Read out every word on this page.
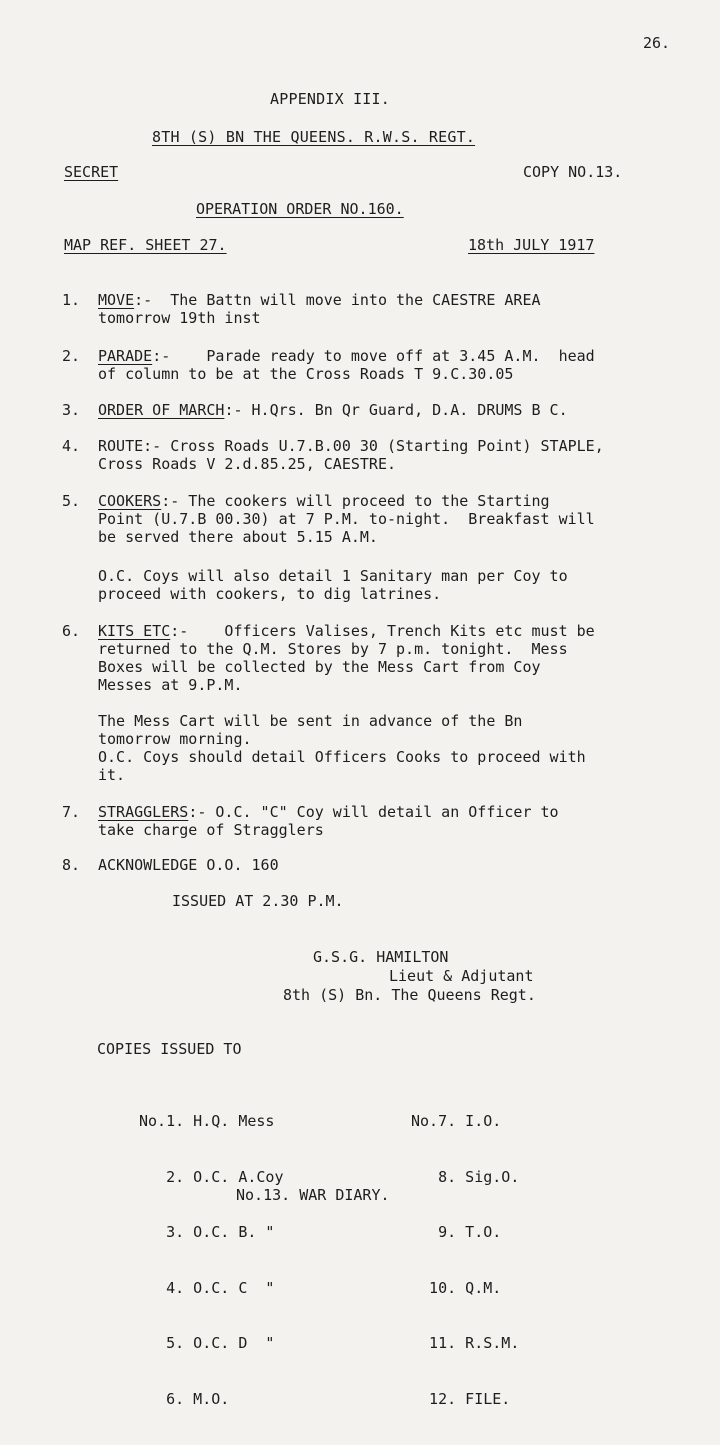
26.
APPENDIX III.
8TH (S) BN THE QUEENS. R.W.S. REGT.
SECRET	COPY NO.13.
OPERATION ORDER NO.160.
MAP REF. SHEET 27.	18th JULY 1917
1. MOVE:-  The Battn will move into the CAESTRE AREA
tomorrow 19th inst
2. PARADE:-    Parade ready to move off at 3.45 A.M.  head
of column to be at the Cross Roads T 9.C.30.05
3. ORDER OF MARCH:- H.Qrs. Bn Qr Guard, D.A. DRUMS B C.
4. ROUTE:- Cross Roads U.7.B.00 30 (Starting Point) STAPLE,
Cross Roads V 2.d.85.25, CAESTRE.
5. COOKERS:- The cookers will proceed to the Starting
Point (U.7.B 00.30) at 7 P.M. to-night.  Breakfast will
be served there about 5.15 A.M.
O.C. Coys will also detail 1 Sanitary man per Coy to
proceed with cookers, to dig latrines.
6. KITS ETC:-    Officers Valises, Trench Kits etc must be
returned to the Q.M. Stores by 7 p.m. tonight.  Mess
Boxes will be collected by the Mess Cart from Coy
Messes at 9.P.M.
The Mess Cart will be sent in advance of the Bn
tomorrow morning.
O.C. Coys should detail Officers Cooks to proceed with
it.
7. STRAGGLERS:- O.C. "C" Coy will detail an Officer to
take charge of Stragglers
8. ACKNOWLEDGE O.O. 160
ISSUED AT 2.30 P.M.
G.S.G. HAMILTON
Lieut & Adjutant
8th (S) Bn. The Queens Regt.
COPIES ISSUED TO

No.1. H.Q. Mess

2. O.C. A.Coy

3. O.C. B. "

4. O.C. C  "

5. O.C. D  "

6. M.O.

No.7. I.O.

8. Sig.O.

9. T.O.

10. Q.M.

11. R.S.M.

12. FILE.

No.13. WAR DIARY.
